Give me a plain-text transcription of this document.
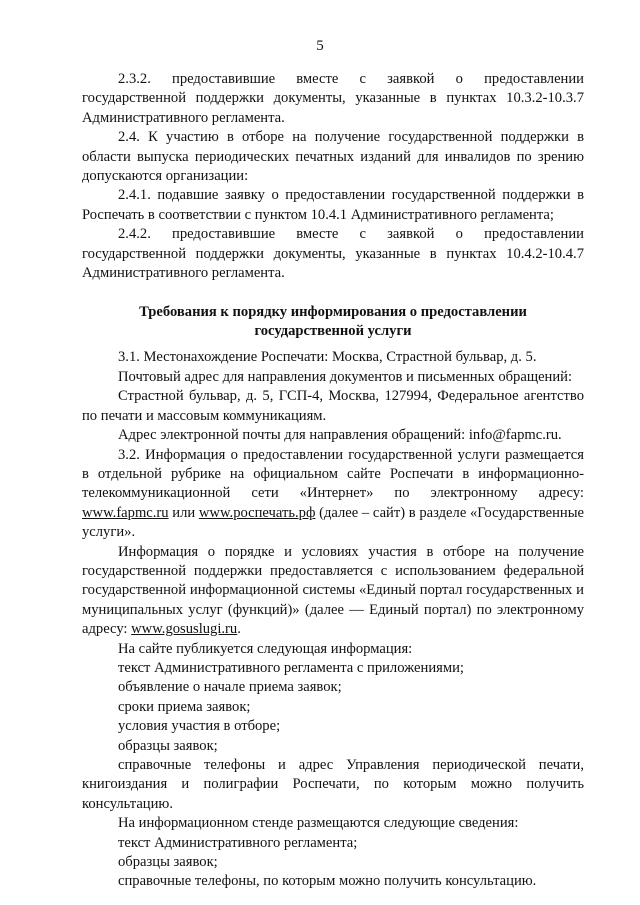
5

2.3.2. предоставившие вместе с заявкой о предоставлении государственной поддержки документы, указанные в пунктах 10.3.2-10.3.7 Административного регламента.

2.4. К участию в отборе на получение государственной поддержки в области выпуска периодических печатных изданий для инвалидов по зрению допускаются организации:

2.4.1. подавшие заявку о предоставлении государственной поддержки в Роспечать в соответствии с пунктом 10.4.1 Административного регламента;

2.4.2. предоставившие вместе с заявкой о предоставлении государственной поддержки документы, указанные в пунктах 10.4.2-10.4.7 Административного регламента.

Требования к порядку информирования о предоставлении
государственной услуги

3.1. Местонахождение Роспечати: Москва, Страстной бульвар, д. 5.

Почтовый адрес для направления документов и письменных обращений:

Страстной бульвар, д. 5, ГСП-4, Москва, 127994, Федеральное агентство по печати и массовым коммуникациям.

Адрес электронной почты для направления обращений: info@fapmc.ru.

3.2. Информация о предоставлении государственной услуги размещается в отдельной рубрике на официальном сайте Роспечати в информационно-телекоммуникационной сети «Интернет» по электронному адресу: www.fapmc.ru или www.роспечать.рф (далее – сайт) в разделе «Государственные услуги».

Информация о порядке и условиях участия в отборе на получение государственной поддержки предоставляется с использованием федеральной государственной информационной системы «Единый портал государственных и муниципальных услуг (функций)» (далее — Единый портал) по электронному адресу: www.gosuslugi.ru.

На сайте публикуется следующая информация:

текст Административного регламента с приложениями;

объявление о начале приема заявок;

сроки приема заявок;

условия участия в отборе;

образцы заявок;

справочные телефоны и адрес Управления периодической печати, книгоиздания и полиграфии Роспечати, по которым можно получить консультацию.

На информационном стенде размещаются следующие сведения:

текст Административного регламента;

образцы заявок;

справочные телефоны, по которым можно получить консультацию.
